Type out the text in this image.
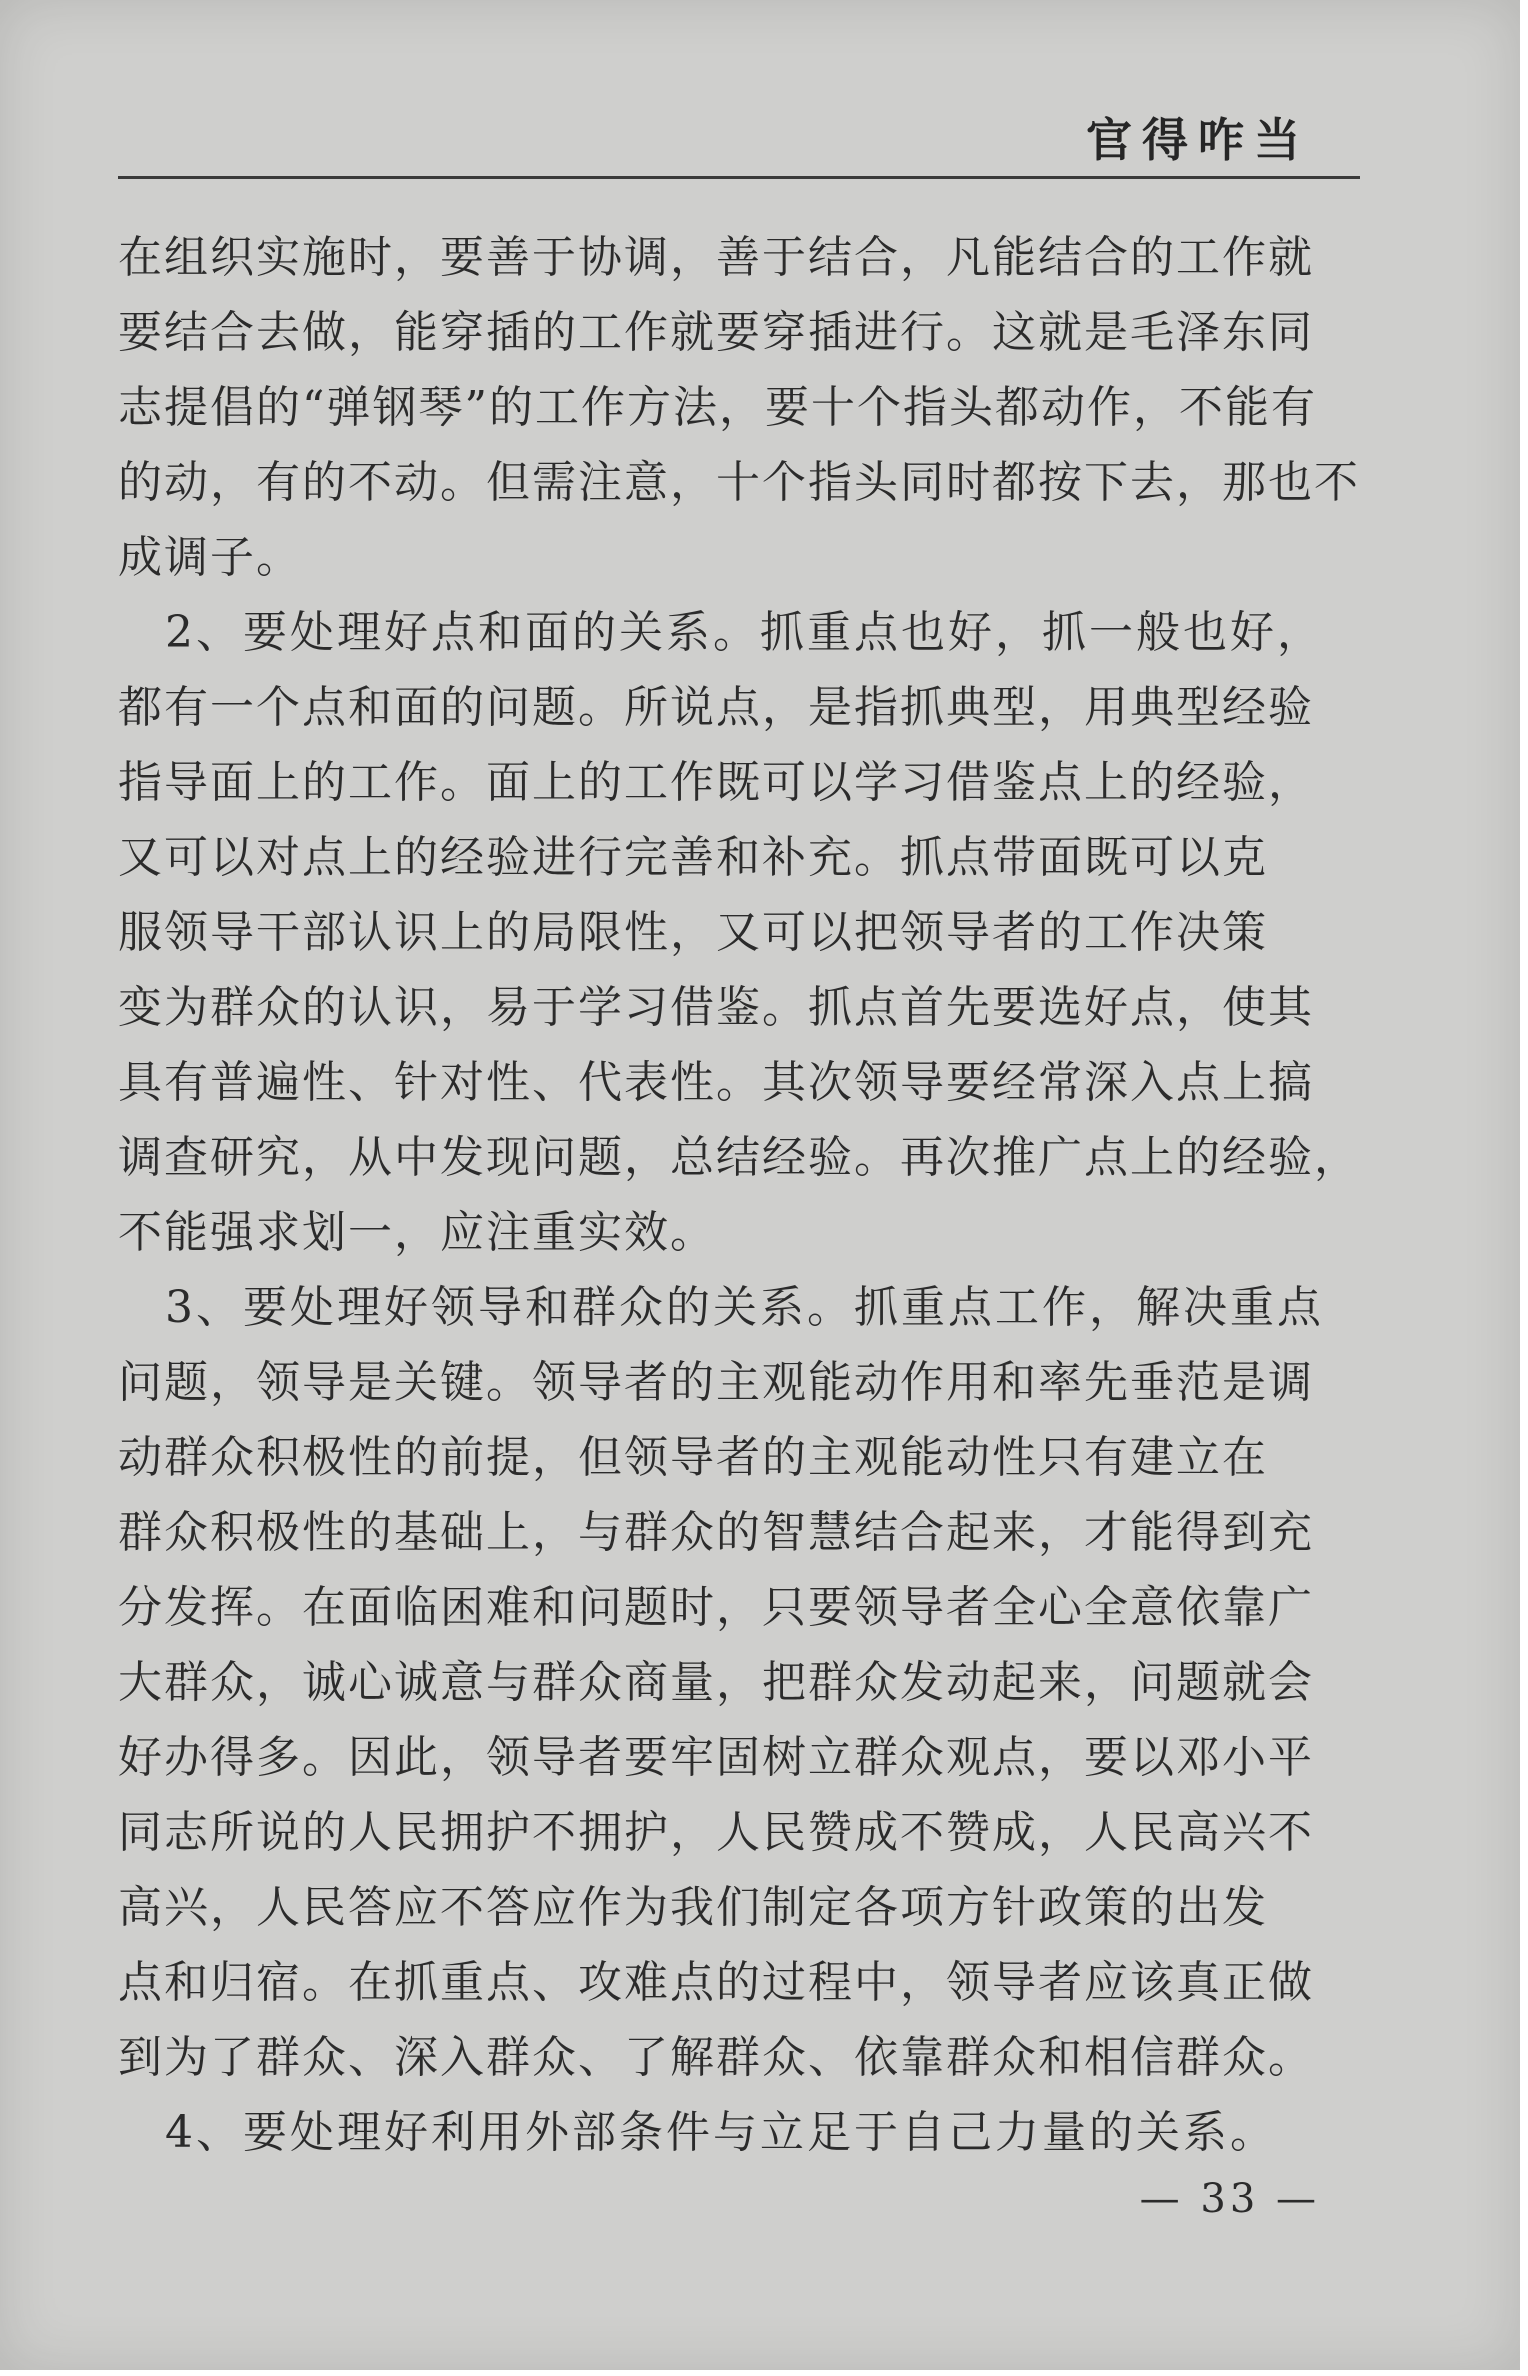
官得咋当
在组织实施时，要善于协调，善于结合，凡能结合的工作就
要结合去做，能穿插的工作就要穿插进行。这就是毛泽东同
志提倡的“弹钢琴”的工作方法，要十个指头都动作，不能有
的动，有的不动。但需注意，十个指头同时都按下去，那也不
成调子。
　2、要处理好点和面的关系。抓重点也好，抓一般也好，
都有一个点和面的问题。所说点，是指抓典型，用典型经验
指导面上的工作。面上的工作既可以学习借鉴点上的经验，
又可以对点上的经验进行完善和补充。抓点带面既可以克
服领导干部认识上的局限性，又可以把领导者的工作决策
变为群众的认识，易于学习借鉴。抓点首先要选好点，使其
具有普遍性、针对性、代表性。其次领导要经常深入点上搞
调查研究，从中发现问题，总结经验。再次推广点上的经验，
不能强求划一，应注重实效。
　3、要处理好领导和群众的关系。抓重点工作，解决重点
问题，领导是关键。领导者的主观能动作用和率先垂范是调
动群众积极性的前提，但领导者的主观能动性只有建立在
群众积极性的基础上，与群众的智慧结合起来，才能得到充
分发挥。在面临困难和问题时，只要领导者全心全意依靠广
大群众，诚心诚意与群众商量，把群众发动起来，问题就会
好办得多。因此，领导者要牢固树立群众观点，要以邓小平
同志所说的人民拥护不拥护，人民赞成不赞成，人民高兴不
高兴，人民答应不答应作为我们制定各项方针政策的出发
点和归宿。在抓重点、攻难点的过程中，领导者应该真正做
到为了群众、深入群众、了解群众、依靠群众和相信群众。
　4、要处理好利用外部条件与立足于自己力量的关系。
— 33 —
